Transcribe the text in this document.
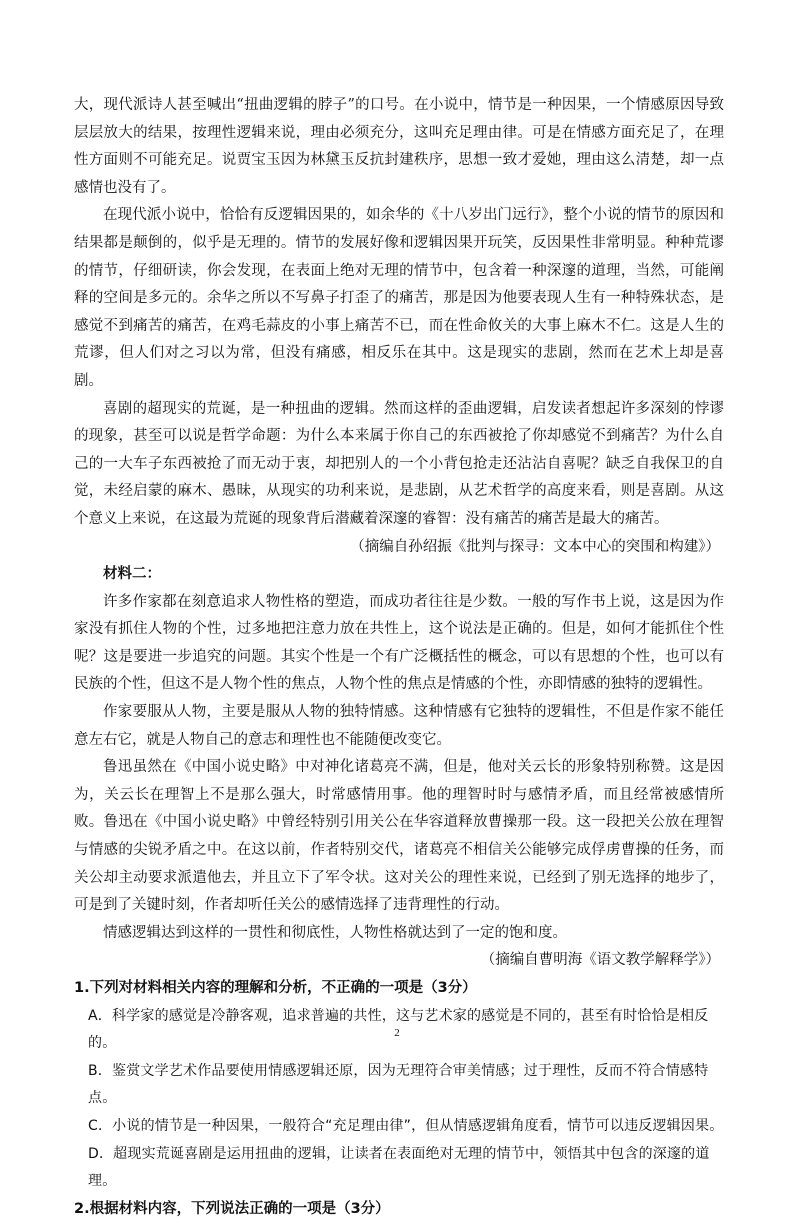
大，现代派诗人甚至喊出“扭曲逻辑的脖子”的口号。在小说中，情节是一种因果，一个情感原因导致层层放大的结果，按理性逻辑来说，理由必须充分，这叫充足理由律。可是在情感方面充足了，在理性方面则不可能充足。说贾宝玉因为林黛玉反抗封建秩序，思想一致才爱她，理由这么清楚，却一点感情也没有了。

在现代派小说中，恰恰有反逻辑因果的，如余华的《十八岁出门远行》，整个小说的情节的原因和结果都是颠倒的，似乎是无理的。情节的发展好像和逻辑因果开玩笑，反因果性非常明显。种种荒谬的情节，仔细研读，你会发现，在表面上绝对无理的情节中，包含着一种深邃的道理，当然，可能阐释的空间是多元的。余华之所以不写鼻子打歪了的痛苦，那是因为他要表现人生有一种特殊状态，是感觉不到痛苦的痛苦，在鸡毛蒜皮的小事上痛苦不已，而在性命攸关的大事上麻木不仁。这是人生的荒谬，但人们对之习以为常，但没有痛感，相反乐在其中。这是现实的悲剧，然而在艺术上却是喜剧。

喜剧的超现实的荒诞，是一种扭曲的逻辑。然而这样的歪曲逻辑，启发读者想起许多深刻的悖谬的现象，甚至可以说是哲学命题：为什么本来属于你自己的东西被抢了你却感觉不到痛苦？为什么自己的一大车子东西被抢了而无动于衷，却把别人的一个小背包抢走还沾沾自喜呢？缺乏自我保卫的自觉，未经启蒙的麻木、愚昧，从现实的功利来说，是悲剧，从艺术哲学的高度来看，则是喜剧。从这个意义上来说，在这最为荒诞的现象背后潜藏着深邃的睿智：没有痛苦的痛苦是最大的痛苦。

（摘编自孙绍振《批判与探寻：文本中心的突围和构建》）

材料二：

许多作家都在刻意追求人物性格的塑造，而成功者往往是少数。一般的写作书上说，这是因为作家没有抓住人物的个性，过多地把注意力放在共性上，这个说法是正确的。但是，如何才能抓住个性呢？这是要进一步追究的问题。其实个性是一个有广泛概括性的概念，可以有思想的个性，也可以有民族的个性，但这不是人物个性的焦点，人物个性的焦点是情感的个性，亦即情感的独特的逻辑性。

作家要服从人物，主要是服从人物的独特情感。这种情感有它独特的逻辑性，不但是作家不能任意左右它，就是人物自己的意志和理性也不能随便改变它。

鲁迅虽然在《中国小说史略》中对神化诸葛亮不满，但是，他对关云长的形象特别称赞。这是因为，关云长在理智上不是那么强大，时常感情用事。他的理智时时与感情矛盾，而且经常被感情所败。鲁迅在《中国小说史略》中曾经特别引用关公在华容道释放曹操那一段。这一段把关公放在理智与情感的尖锐矛盾之中。在这以前，作者特别交代，诸葛亮不相信关公能够完成俘虏曹操的任务，而关公却主动要求派遣他去，并且立下了军令状。这对关公的理性来说，已经到了别无选择的地步了，可是到了关键时刻，作者却听任关公的感情选择了违背理性的行动。

情感逻辑达到这样的一贯性和彻底性，人物性格就达到了一定的饱和度。

（摘编自曹明海《语文教学解释学》）

1.下列对材料相关内容的理解和分析，不正确的一项是（3分）

A．科学家的感觉是冷静客观，追求普遍的共性，这与艺术家的感觉是不同的，甚至有时恰恰是相反的。

B．鉴赏文学艺术作品要使用情感逻辑还原，因为无理符合审美情感；过于理性，反而不符合情感特点。

C．小说的情节是一种因果，一般符合“充足理由律”，但从情感逻辑角度看，情节可以违反逻辑因果。

D．超现实荒诞喜剧是运用扭曲的逻辑，让读者在表面绝对无理的情节中，领悟其中包含的深邃的道理。

2.根据材料内容，下列说法正确的一项是（3分）

2
